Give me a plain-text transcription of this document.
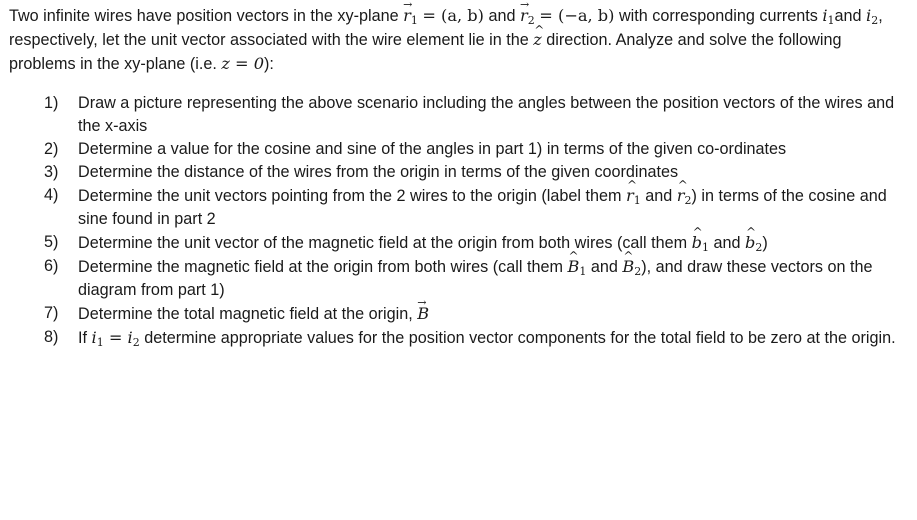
Two infinite wires have position vectors in the xy-plane → $r_1 = (a$, b) and → $r_2 = (-a$, b) with corresponding currents $i_1and$ $i_2$, respectively, let the unit vector associated with the wire element lie in the ^ z direction. Analyze and solve the following problems in the xy-plane (i.e. z = 0):

1)	Draw a picture representing the above scenario including the angles between the position vectors of the wires and the x-axis
2)	Determine a value for the cosine and sine of the angles in part 1) in terms of the given co-ordinates
3)	Determine the distance of the wires from the origin in terms of the given coordinates
4)	Determine the unit vectors pointing from the 2 wires to the origin (label them ^ $r_1$ and ^ $r_2$) in terms of the cosine and sine found in part 2
5)	Determine the unit vector of the magnetic field at the origin from both wires (call them ^ $b_1$ and ^ $b_2$)
6)	Determine the magnetic field at the origin from both wires (call them ^ $B_1$ and ^ $B_2$), and draw these vectors on the diagram from part 1)
7)	Determine the total magnetic field at the origin, → B
8)	If $i_1 = i_2$ determine appropriate values for the position vector components for the total field to be zero at the origin.
